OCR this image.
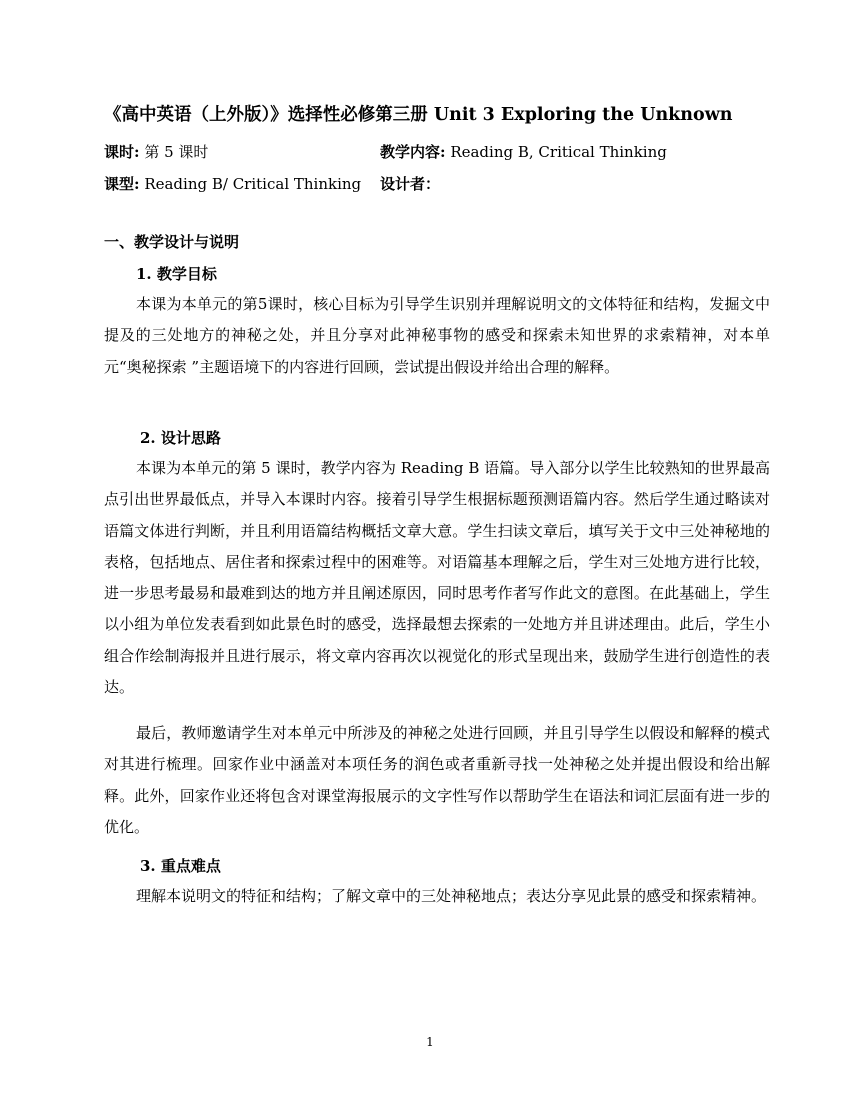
《高中英语（上外版）》选择性必修第三册 Unit 3 Exploring the Unknown
课时: 第 5 课时	教学内容: Reading B, Critical Thinking
课型: Reading B/ Critical Thinking 设计者：
一、教学设计与说明
1. 教学目标
本课为本单元的第5课时，核心目标为引导学生识别并理解说明文的文体特征和结构，发掘文中提及的三处地方的神秘之处，并且分享对此神秘事物的感受和探索未知世界的求索精神，对本单元“奥秘探索 ”主题语境下的内容进行回顾，尝试提出假设并给出合理的解释。
2. 设计思路
本课为本单元的第 5 课时，教学内容为 Reading B 语篇。导入部分以学生比较熟知的世界最高点引出世界最低点，并导入本课时内容。接着引导学生根据标题预测语篇内容。然后学生通过略读对语篇文体进行判断，并且利用语篇结构概括文章大意。学生扫读文章后，填写关于文中三处神秘地的表格，包括地点、居住者和探索过程中的困难等。对语篇基本理解之后，学生对三处地方进行比较，进一步思考最易和最难到达的地方并且阐述原因，同时思考作者写作此文的意图。在此基础上，学生以小组为单位发表看到如此景色时的感受，选择最想去探索的一处地方并且讲述理由。此后，学生小组合作绘制海报并且进行展示，将文章内容再次以视觉化的形式呈现出来，鼓励学生进行创造性的表达。
最后，教师邀请学生对本单元中所涉及的神秘之处进行回顾，并且引导学生以假设和解释的模式对其进行梳理。回家作业中涵盖对本项任务的润色或者重新寻找一处神秘之处并提出假设和给出解释。此外，回家作业还将包含对课堂海报展示的文字性写作以帮助学生在语法和词汇层面有进一步的优化。
3. 重点难点
理解本说明文的特征和结构；了解文章中的三处神秘地点；表达分享见此景的感受和探索精神。
1
